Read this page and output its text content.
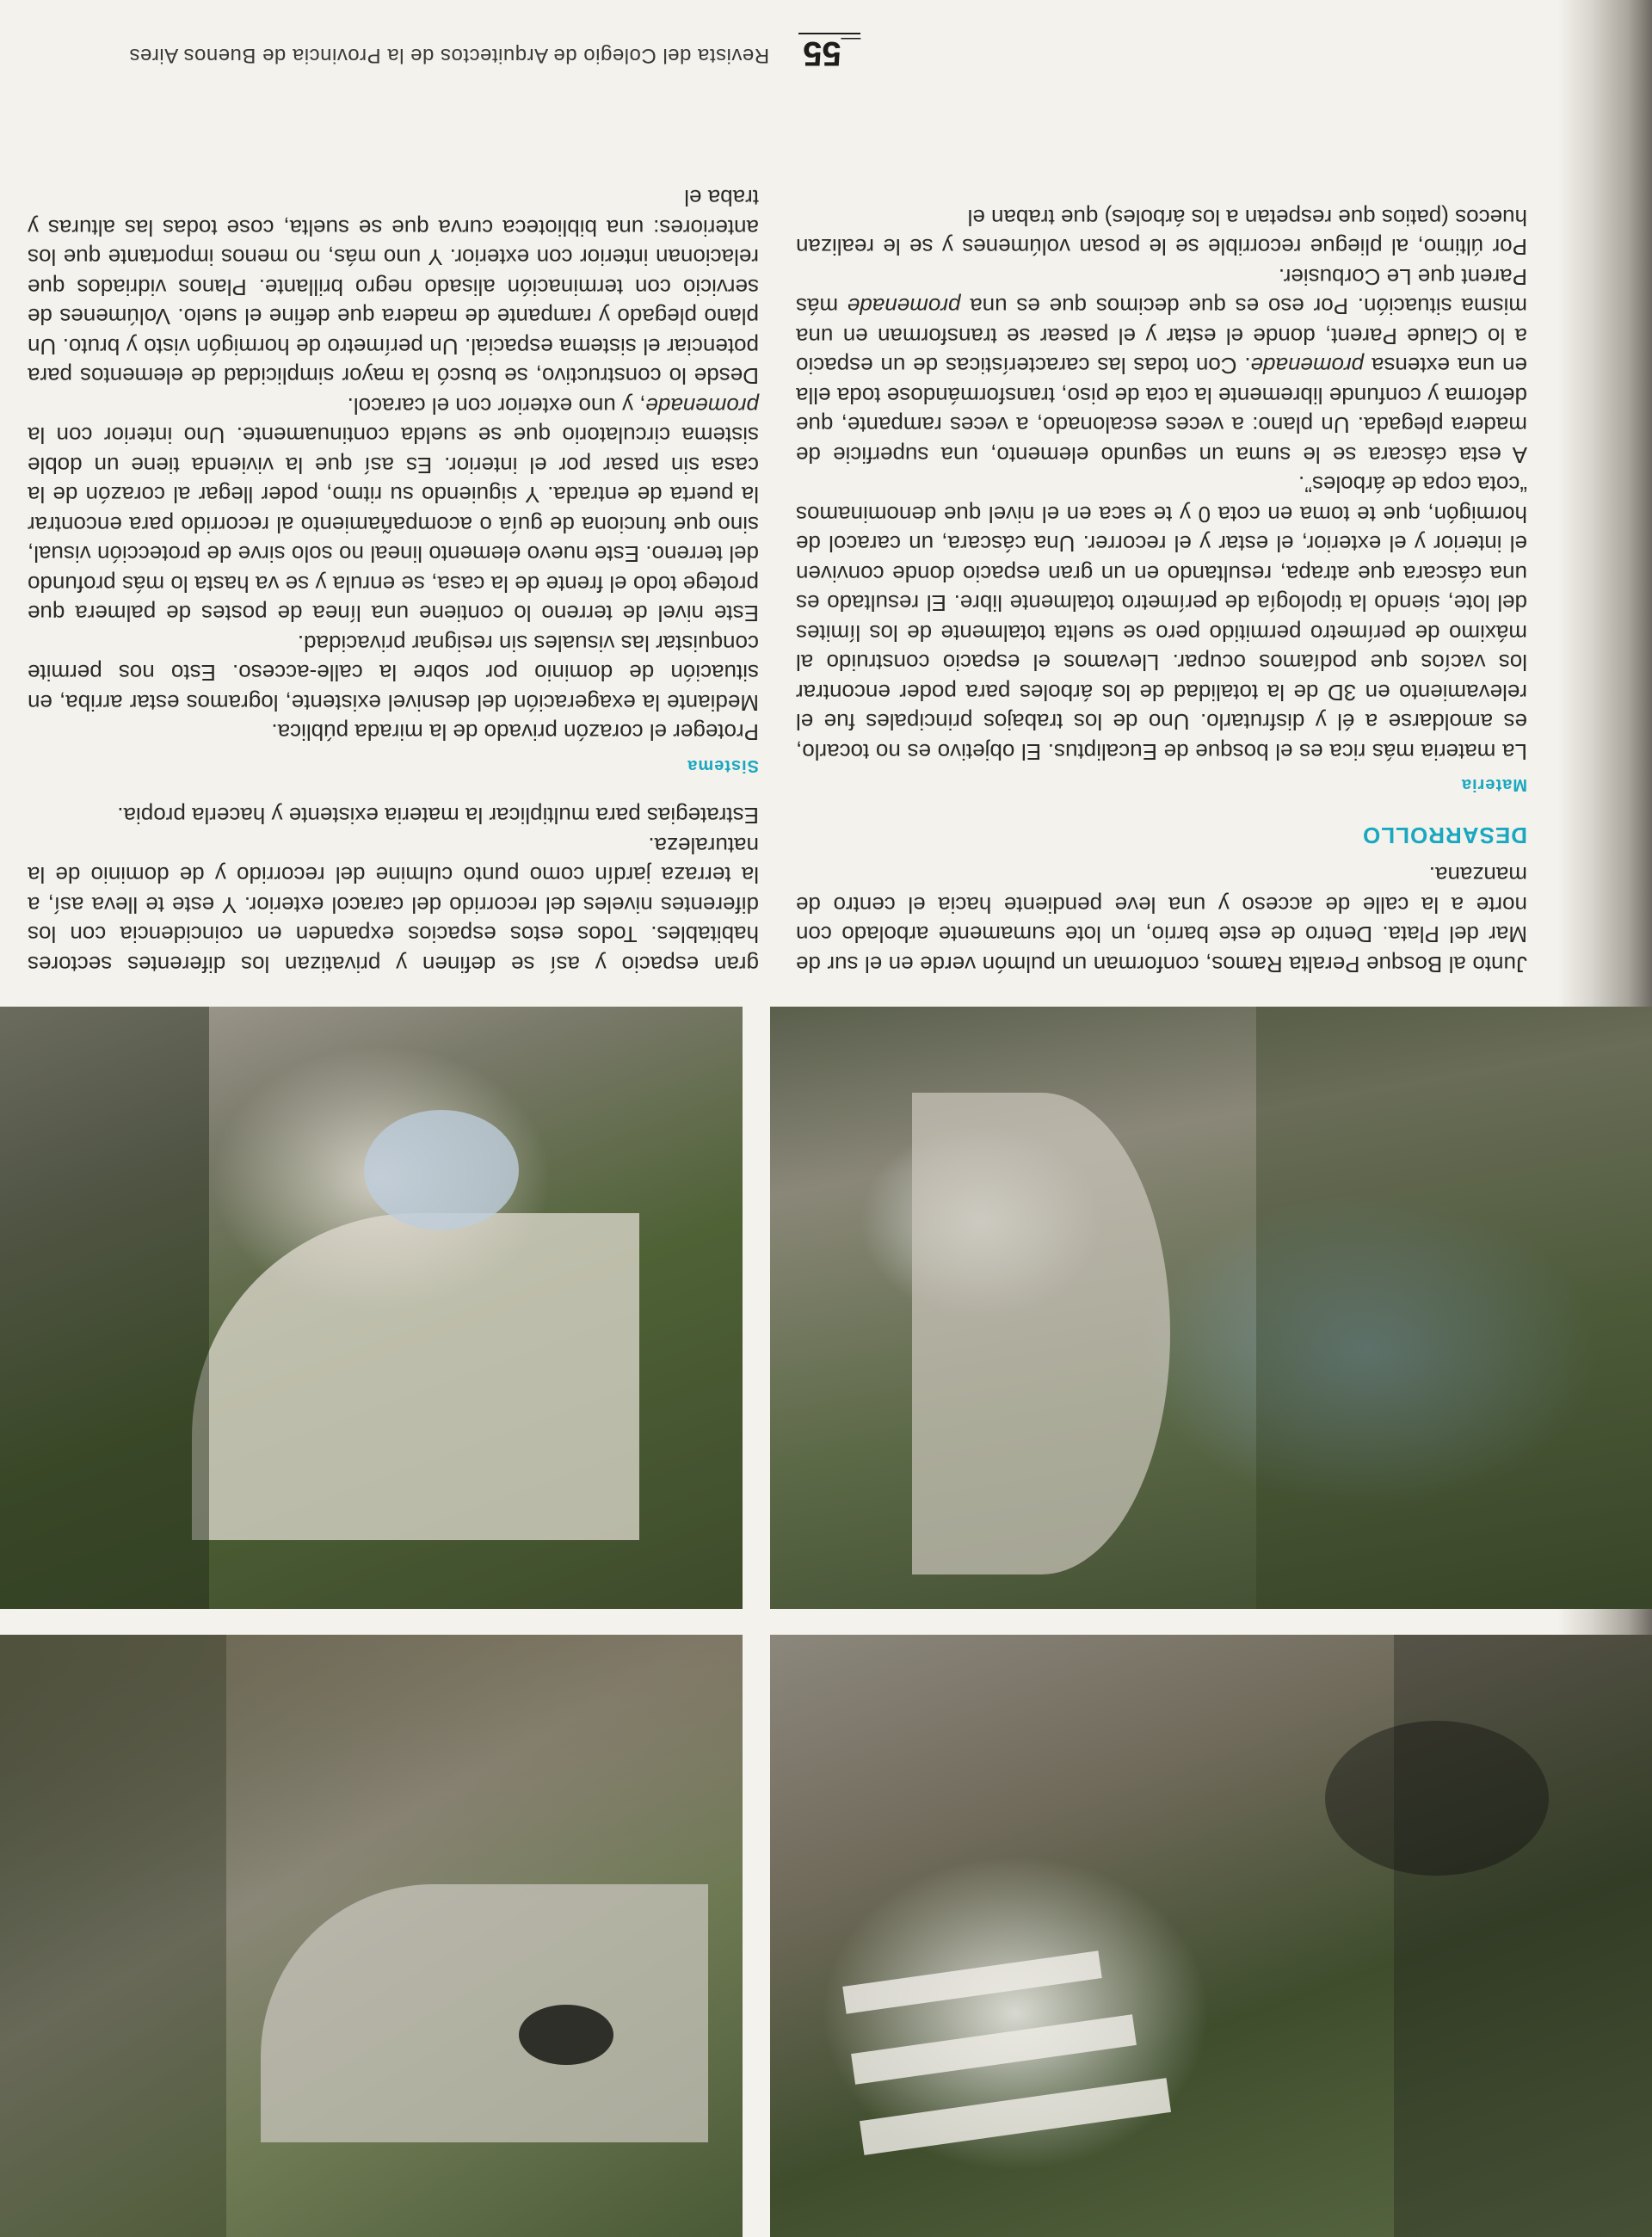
Junto al Bosque Peralta Ramos, conforman un pulmón verde en el sur de Mar del Plata. Dentro de este barrio, un lote sumamente arbolado con norte a la calle de acceso y una leve pendiente hacia el centro de manzana.

DESARROLLO
Materia

La materia más rica es el bosque de Eucaliptus. El objetivo es no tocarlo, es amoldarse a él y disfrutarlo. Uno de los trabajos principales fue el relevamiento en 3D de la totalidad de los árboles para poder encontrar los vacíos que podíamos ocupar. Llevamos el espacio construido al máximo de perímetro permitido pero se suelta totalmente de los límites del lote, siendo la tipología de perímetro totalmente libre. El resultado es una cáscara que atrapa, resultando en un gran espacio donde conviven el interior y el exterior, el estar y el recorrer. Una cáscara, un caracol de hormigón, que te toma en cota 0 y te saca en el nivel que denominamos “cota copa de árboles”.

A esta cáscara se le suma un segundo elemento, una superficie de madera plegada. Un plano: a veces escalonado, a veces rampante, que deforma y confunde libremente la cota de piso, transformándose toda ella en una extensa promenade. Con todas las características de un espacio a lo Claude Parent, donde el estar y el pasear se transforman en una misma situación. Por eso es que decimos que es una promenade más Parent que Le Corbusier.

Por último, al pliegue recorrible se le posan volúmenes y se le realizan huecos (patios que respetan a los árboles) que traban el

gran espacio y así se definen y privatizan los diferentes sectores habitables. Todos estos espacios expanden en coincidencia con los diferentes niveles del recorrido del caracol exterior. Y este te lleva así, a la terraza jardín como punto culmine del recorrido y de dominio de la naturaleza.

Estrategias para multiplicar la materia existente y hacerla propia.

Sistema

Proteger el corazón privado de la mirada pública.

Mediante la exageración del desnivel existente, logramos estar arriba, en situación de dominio por sobre la calle-acceso. Esto nos permite conquistar las visuales sin resignar privacidad.

Este nivel de terreno lo contiene una línea de postes de palmera que protege todo el frente de la casa, se enrula y se va hasta lo más profundo del terreno. Este nuevo elemento lineal no solo sirve de protección visual, sino que funciona de guía o acompañamiento al recorrido para encontrar la puerta de entrada. Y siguiendo su ritmo, poder llegar al corazón de la casa sin pasar por el interior. Es así que la vivienda tiene un doble sistema circulatorio que se suelda continuamente. Uno interior con la promenade, y uno exterior con el caracol.

Desde lo constructivo, se buscó la mayor simplicidad de elementos para potenciar el sistema espacial. Un perímetro de hormigón visto y bruto. Un plano plegado y rampante de madera que define el suelo. Volúmenes de servicio con terminación alisado negro brillante. Planos vidriados que relacionan interior con exterior. Y uno más, no menos importante que los anteriores: una biblioteca curva que se suelta, cose todas las alturas y traba el

_55
Revista del Colegio de Arquitectos de la Provincia de Buenos Aires
